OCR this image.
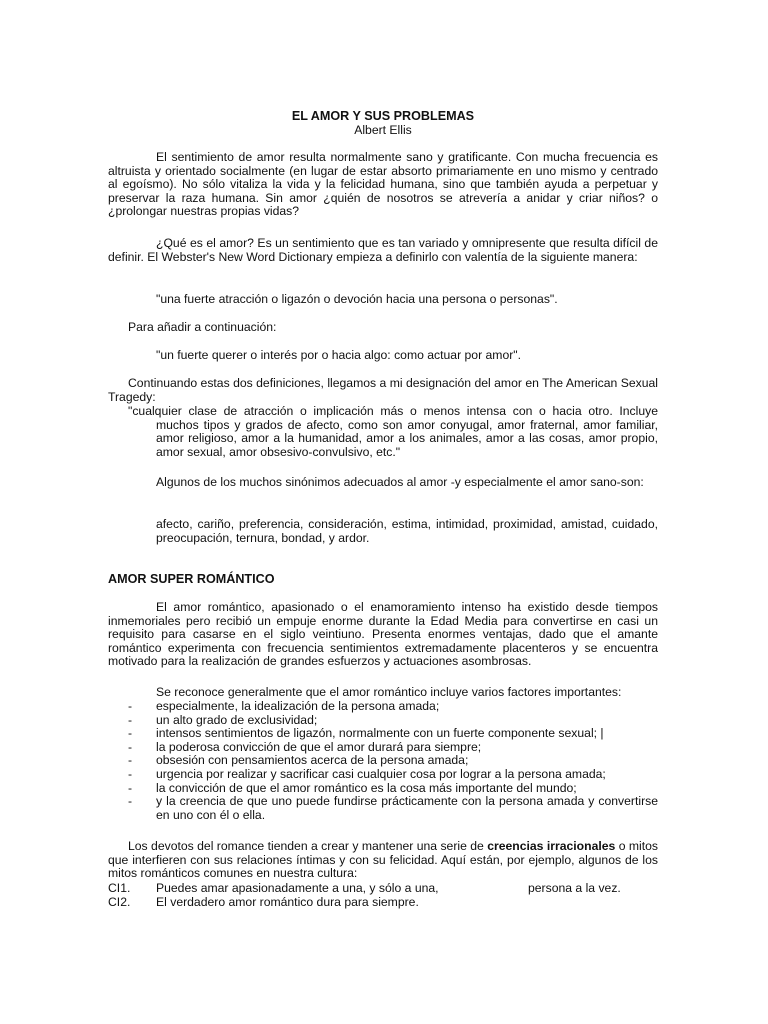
EL AMOR Y SUS PROBLEMAS
Albert Ellis

El sentimiento de amor resulta normalmente sano y gratificante. Con mucha frecuencia es altruista y orientado socialmente (en lugar de estar absorto primariamente en uno mismo y centrado al egoísmo). No sólo vitaliza la vida y la felicidad humana, sino que también ayuda a perpetuar y preservar la raza humana. Sin amor ¿quién de nosotros se atrevería a anidar y criar niños? o ¿prolongar nuestras propias vidas?

¿Qué es el amor? Es un sentimiento que es tan variado y omnipresente que resulta difícil de definir. El Webster's New Word Dictionary empieza a definirlo con valentía de la siguiente manera:

"una fuerte atracción o ligazón o devoción hacia una persona o personas".

Para añadir a continuación:

"un fuerte querer o interés por o hacia algo: como actuar por amor".

Continuando estas dos definiciones, llegamos a mi designación del amor en The American Sexual Tragedy:

"cualquier clase de atracción o implicación más o menos intensa con o hacia otro. Incluye muchos tipos y grados de afecto, como son amor conyugal, amor fraternal, amor familiar, amor religioso, amor a la humanidad, amor a los animales, amor a las cosas, amor propio, amor sexual, amor obsesivo-convulsivo, etc."

Algunos de los muchos sinónimos adecuados al amor -y especialmente el amor sano-son:

afecto, cariño, preferencia, consideración, estima, intimidad, proximidad, amistad, cuidado, preocupación, ternura, bondad, y ardor.

AMOR SUPER ROMÁNTICO

El amor romántico, apasionado o el enamoramiento intenso ha existido desde tiempos inmemoriales pero recibió un empuje enorme durante la Edad Media para convertirse en casi un requisito para casarse en el siglo veintiuno. Presenta enormes ventajas, dado que el amante romántico experimenta con frecuencia sentimientos extremadamente placenteros y se encuentra motivado para la realización de grandes esfuerzos y actuaciones asombrosas.

Se reconoce generalmente que el amor romántico incluye varios factores importantes:

- especialmente, la idealización de la persona amada;
- un alto grado de exclusividad;
- intensos sentimientos de ligazón, normalmente con un fuerte componente sexual; |
- la poderosa convicción de que el amor durará para siempre;
- obsesión con pensamientos acerca de la persona amada;
- urgencia por realizar y sacrificar casi cualquier cosa por lograr a la persona amada;
- la convicción de que el amor romántico es la cosa más importante del mundo;
- y la creencia de que uno puede fundirse prácticamente con la persona amada y convertirse en uno con él o ella.

Los devotos del romance tienden a crear y mantener una serie de creencias irracionales o mitos que interfieren con sus relaciones íntimas y con su felicidad. Aquí están, por ejemplo, algunos de los mitos románticos comunes en nuestra cultura:

CI1. Puedes amar apasionadamente a una, y sólo a una,	persona a la vez.
CI2. El verdadero amor romántico dura para siempre.
